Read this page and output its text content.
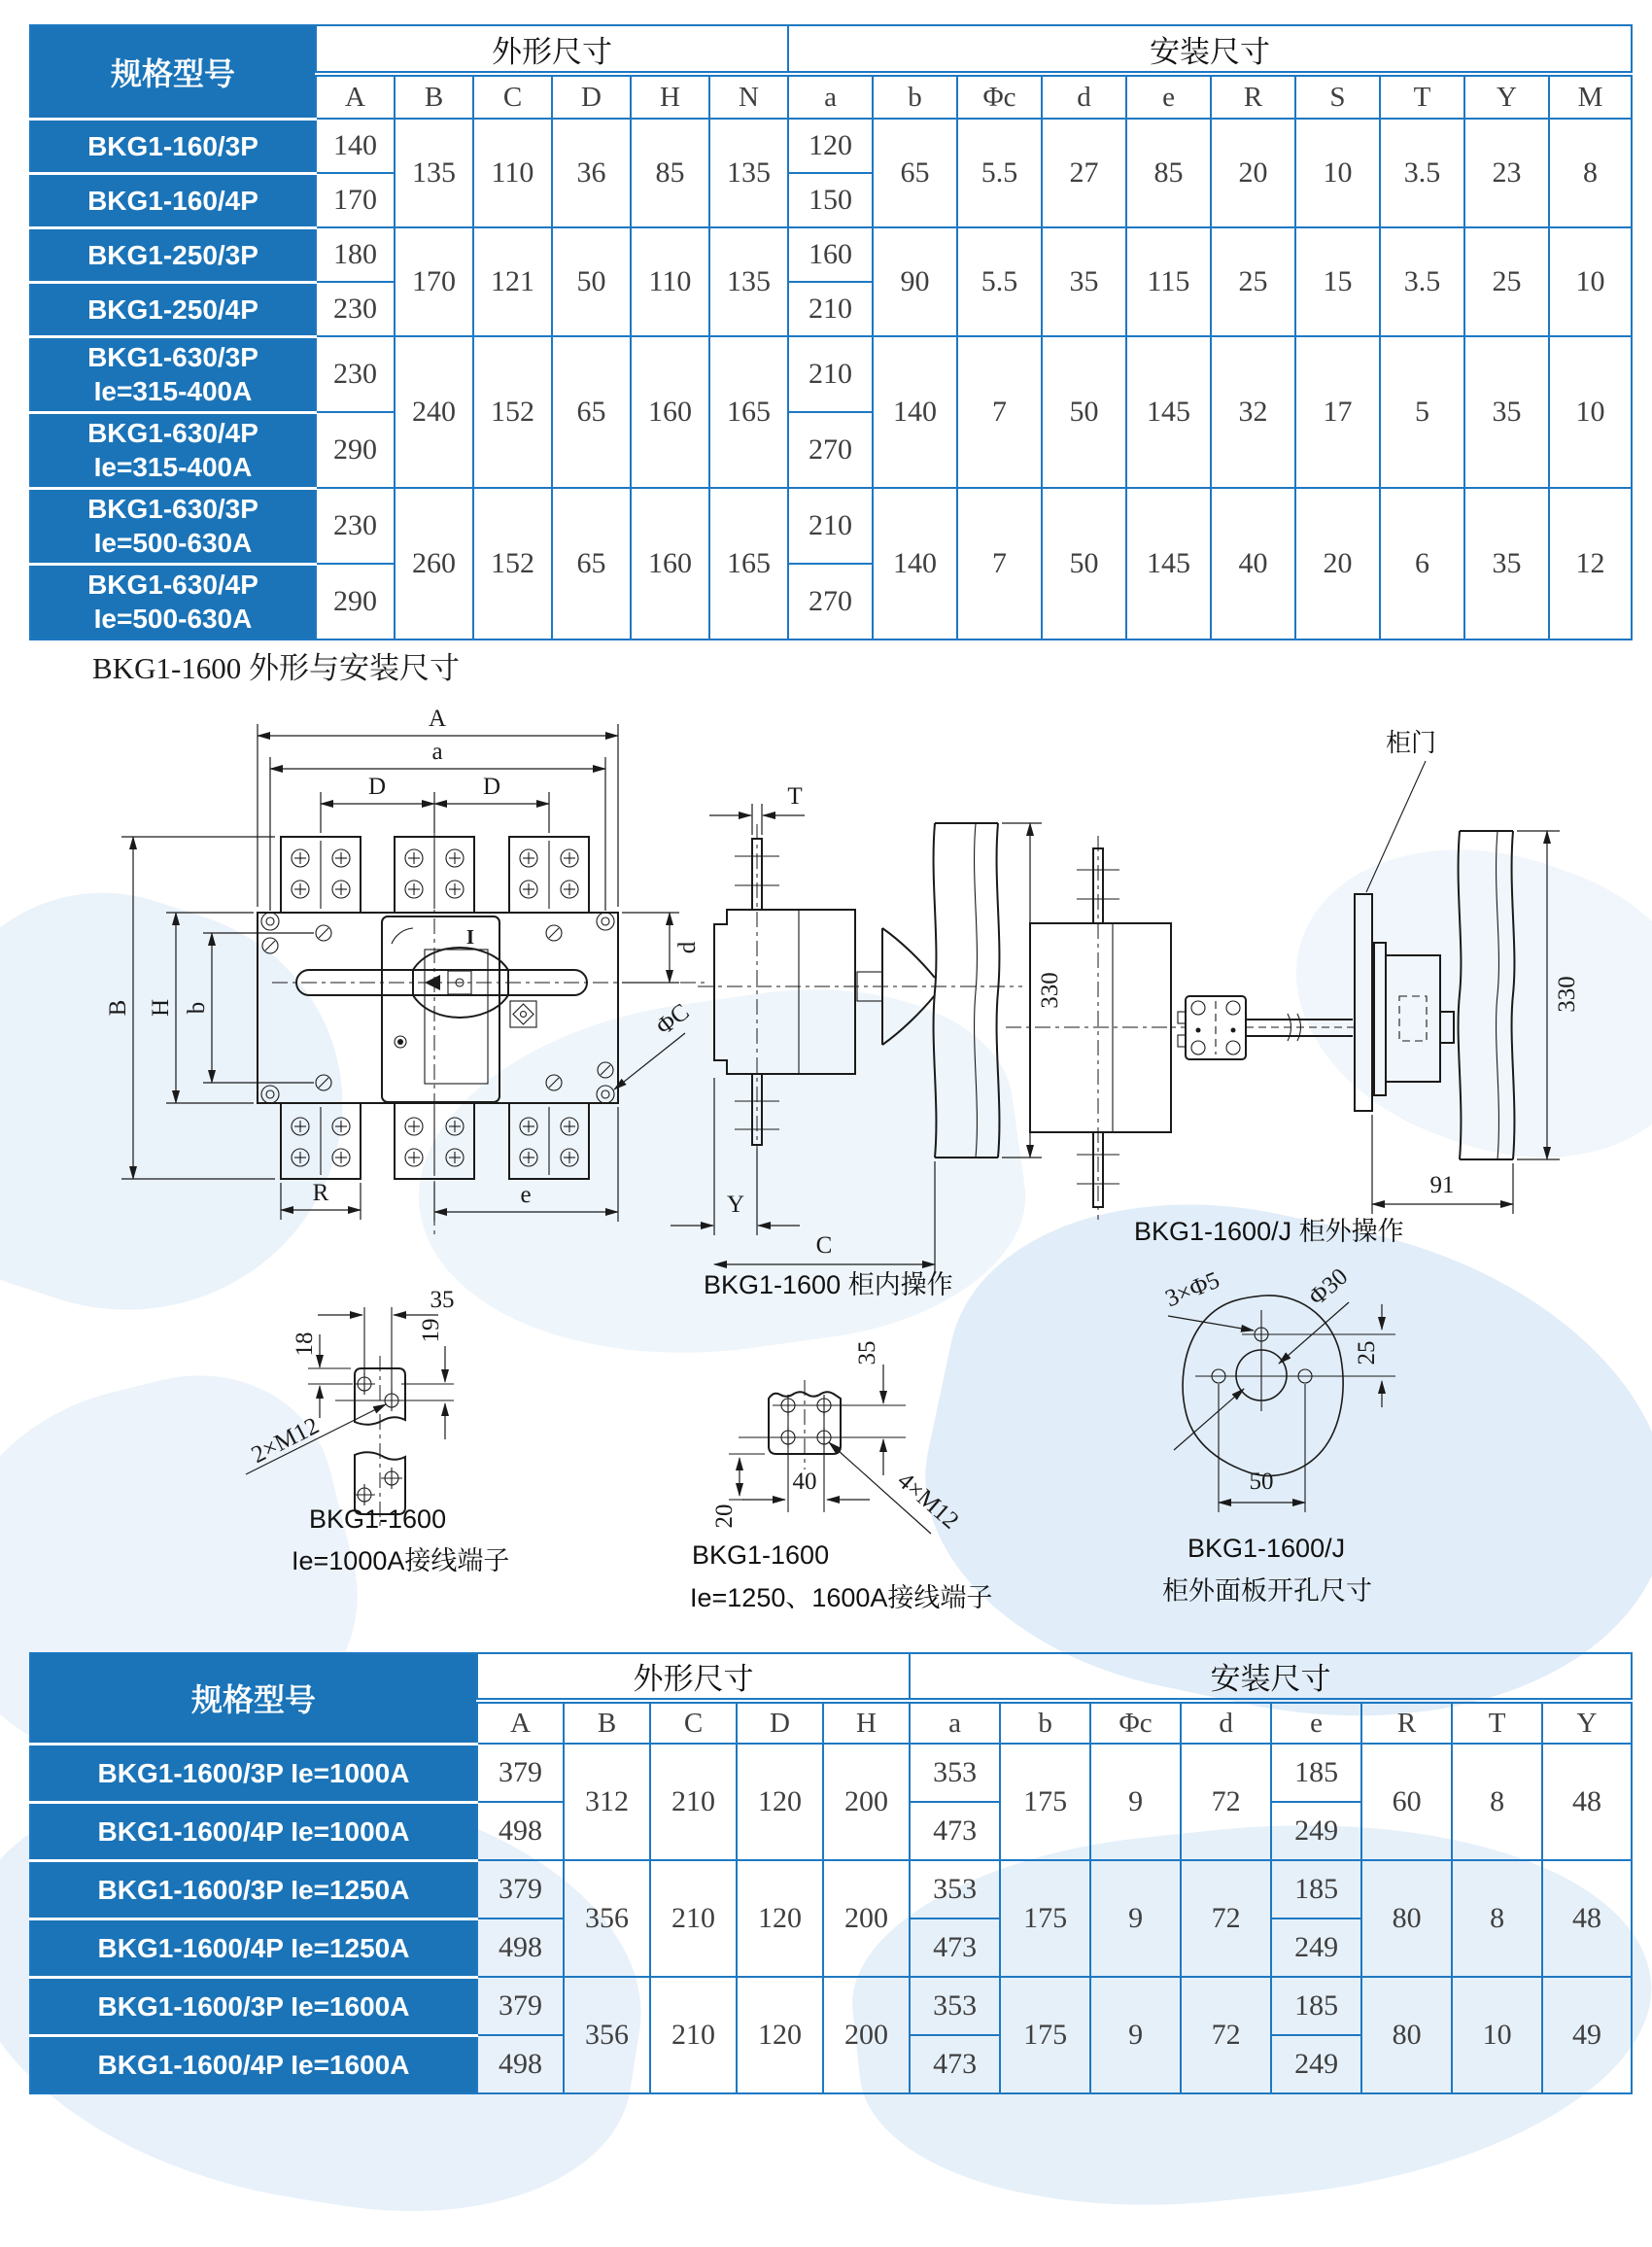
规格型号	外形尺寸						安装尺寸									
	A	B	C	D	H	N	a	b	Φc	d	e	R	S	T	Y	M
BKG1-160/3P	140	135	110	36	85	135	120	65	5.5	27	85	20	10	3.5	23	8
BKG1-160/4P	170						150									
BKG1-250/3P	180	170	121	50	110	135	160	90	5.5	35	115	25	15	3.5	25	10
BKG1-250/4P	230						210									

BKG1-630/3P
Ie=315-400A	230	240	152	65	160	165	210	140	7	50	145	32	17	5	35	10

BKG1-630/4P
Ie=315-400A	290						270									

BKG1-630/3P
Ie=500-630A	230	260	152	65	160	165	210	140	7	50	145	40	20	6	35	12

BKG1-630/4P
Ie=500-630A	290						270									
BKG1-1600 外形与安装尺寸
A
a
D	D
B H b
d
ΦC
R	e
I
T
330
Y
C
柜门
330
91
BKG1-1600 柜内操作
BKG1-1600/J 柜外操作
18
35
19
2×M12
35
40
20	4×M12
3×Φ5	Φ30
25
50
BKG1-1600
Ie=1000A接线端子	BKG1-1600
Ie=1250、1600A接线端子
BKG1-1600/J
柜外面板开孔尺寸
规格型号	外形尺寸					安装尺寸							
	A	B	C	D	H	a	b	Φc	d	e	R	T	Y
BKG1-1600/3P Ie=1000A	379	312	210	120	200	353	175	9	72	185	60	8	48
BKG1-1600/4P Ie=1000A	498					473				249			
BKG1-1600/3P Ie=1250A	379	356	210	120	200	353	175	9	72	185	80	8	48
BKG1-1600/4P Ie=1250A	498					473				249			
BKG1-1600/3P Ie=1600A	379	356	210	120	200	353	175	9	72	185	80	10	49
BKG1-1600/4P Ie=1600A	498					473				249			
